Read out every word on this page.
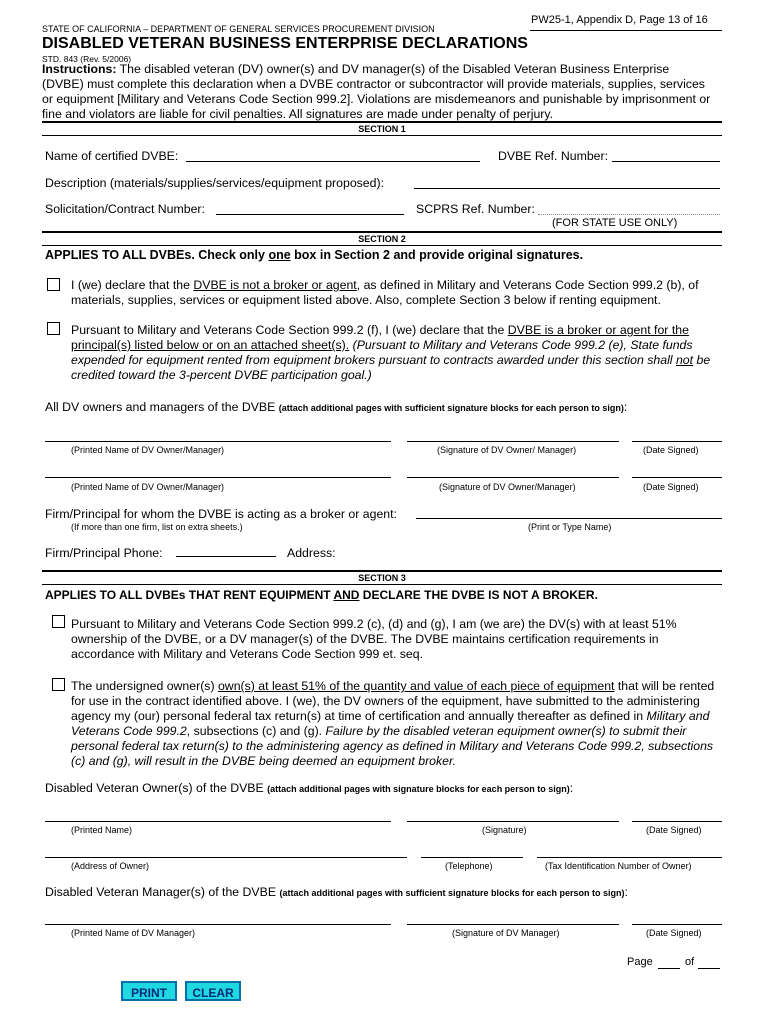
PW25-1, Appendix D, Page 13 of 16
STATE OF CALIFORNIA – DEPARTMENT OF GENERAL SERVICES PROCUREMENT DIVISION
DISABLED VETERAN BUSINESS ENTERPRISE DECLARATIONS
STD. 843 (Rev. 5/2006)
Instructions: The disabled veteran (DV) owner(s) and DV manager(s) of the Disabled Veteran Business Enterprise
(DVBE) must complete this declaration when a DVBE contractor or subcontractor will provide materials, supplies, services
or equipment [Military and Veterans Code Section 999.2]. Violations are misdemeanors and punishable by imprisonment or
fine and violators are liable for civil penalties. All signatures are made under penalty of perjury.
SECTION 1
Name of certified DVBE:	DVBE Ref. Number:
Description (materials/supplies/services/equipment proposed):
Solicitation/Contract Number:	SCPRS Ref. Number:
(FOR STATE USE ONLY)
SECTION 2
APPLIES TO ALL DVBEs. Check only one box in Section 2 and provide original signatures.
I (we) declare that the DVBE is not a broker or agent, as defined in Military and Veterans Code Section 999.2 (b), of
materials, supplies, services or equipment listed above. Also, complete Section 3 below if renting equipment.
Pursuant to Military and Veterans Code Section 999.2 (f), I (we) declare that the DVBE is a broker or agent for the
principal(s) listed below or on an attached sheet(s). (Pursuant to Military and Veterans Code 999.2 (e), State funds
expended for equipment rented from equipment brokers pursuant to contracts awarded under this section shall not be
credited toward the 3-percent DVBE participation goal.)
All DV owners and managers of the DVBE (attach additional pages with sufficient signature blocks for each person to sign):
(Printed Name of DV Owner/Manager)	(Signature of DV Owner/ Manager)	(Date Signed)
(Printed Name of DV Owner/Manager)	(Signature of DV Owner/Manager)	(Date Signed)
Firm/Principal for whom the DVBE is acting as a broker or agent:
(If more than one firm, list on extra sheets.)	(Print or Type Name)
Firm/Principal Phone:	Address:
SECTION 3
APPLIES TO ALL DVBEs THAT RENT EQUIPMENT AND DECLARE THE DVBE IS NOT A BROKER.
Pursuant to Military and Veterans Code Section 999.2 (c), (d) and (g), I am (we are) the DV(s) with at least 51%
ownership of the DVBE, or a DV manager(s) of the DVBE. The DVBE maintains certification requirements in
accordance with Military and Veterans Code Section 999 et. seq.
The undersigned owner(s) own(s) at least 51% of the quantity and value of each piece of equipment that will be rented
for use in the contract identified above. I (we), the DV owners of the equipment, have submitted to the administering
agency my (our) personal federal tax return(s) at time of certification and annually thereafter as defined in Military and
Veterans Code 999.2, subsections (c) and (g). Failure by the disabled veteran equipment owner(s) to submit their
personal federal tax return(s) to the administering agency as defined in Military and Veterans Code 999.2, subsections
(c) and (g), will result in the DVBE being deemed an equipment broker.
Disabled Veteran Owner(s) of the DVBE (attach additional pages with signature blocks for each person to sign):
(Printed Name)	(Signature)	(Date Signed)
(Address of Owner)	(Telephone)	(Tax Identification Number of Owner)
Disabled Veteran Manager(s) of the DVBE (attach additional pages with sufficient signature blocks for each person to sign):
(Printed Name of DV Manager)	(Signature of DV Manager)	(Date Signed)
Page	of
PRINT	CLEAR
